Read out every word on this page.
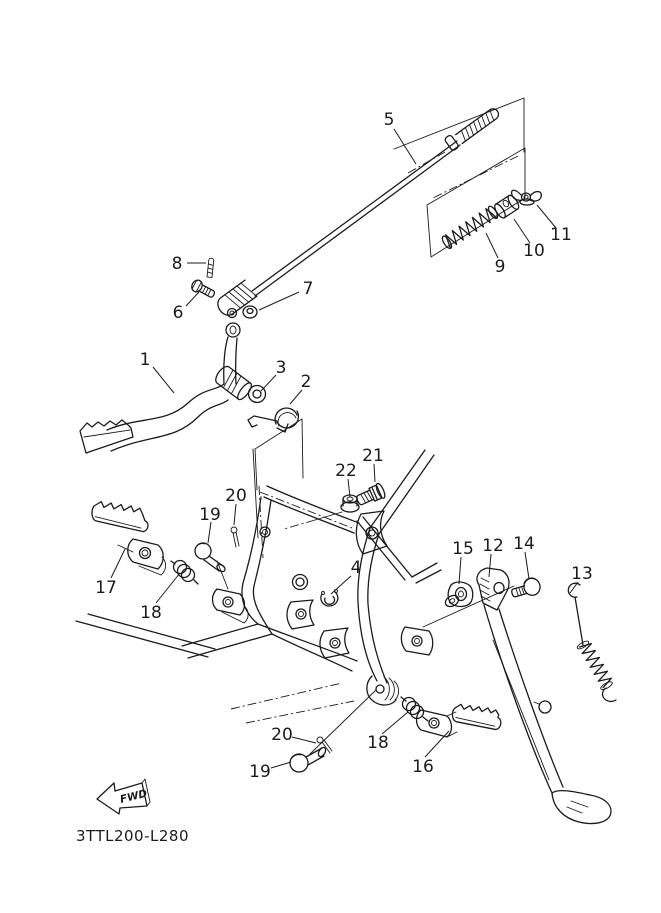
FWD
3TTL200-L280
1
2
3
4
5
6
7
8	9
10
11
12
13
14
15
16
17
18
18
19
19
20
20
21
22
